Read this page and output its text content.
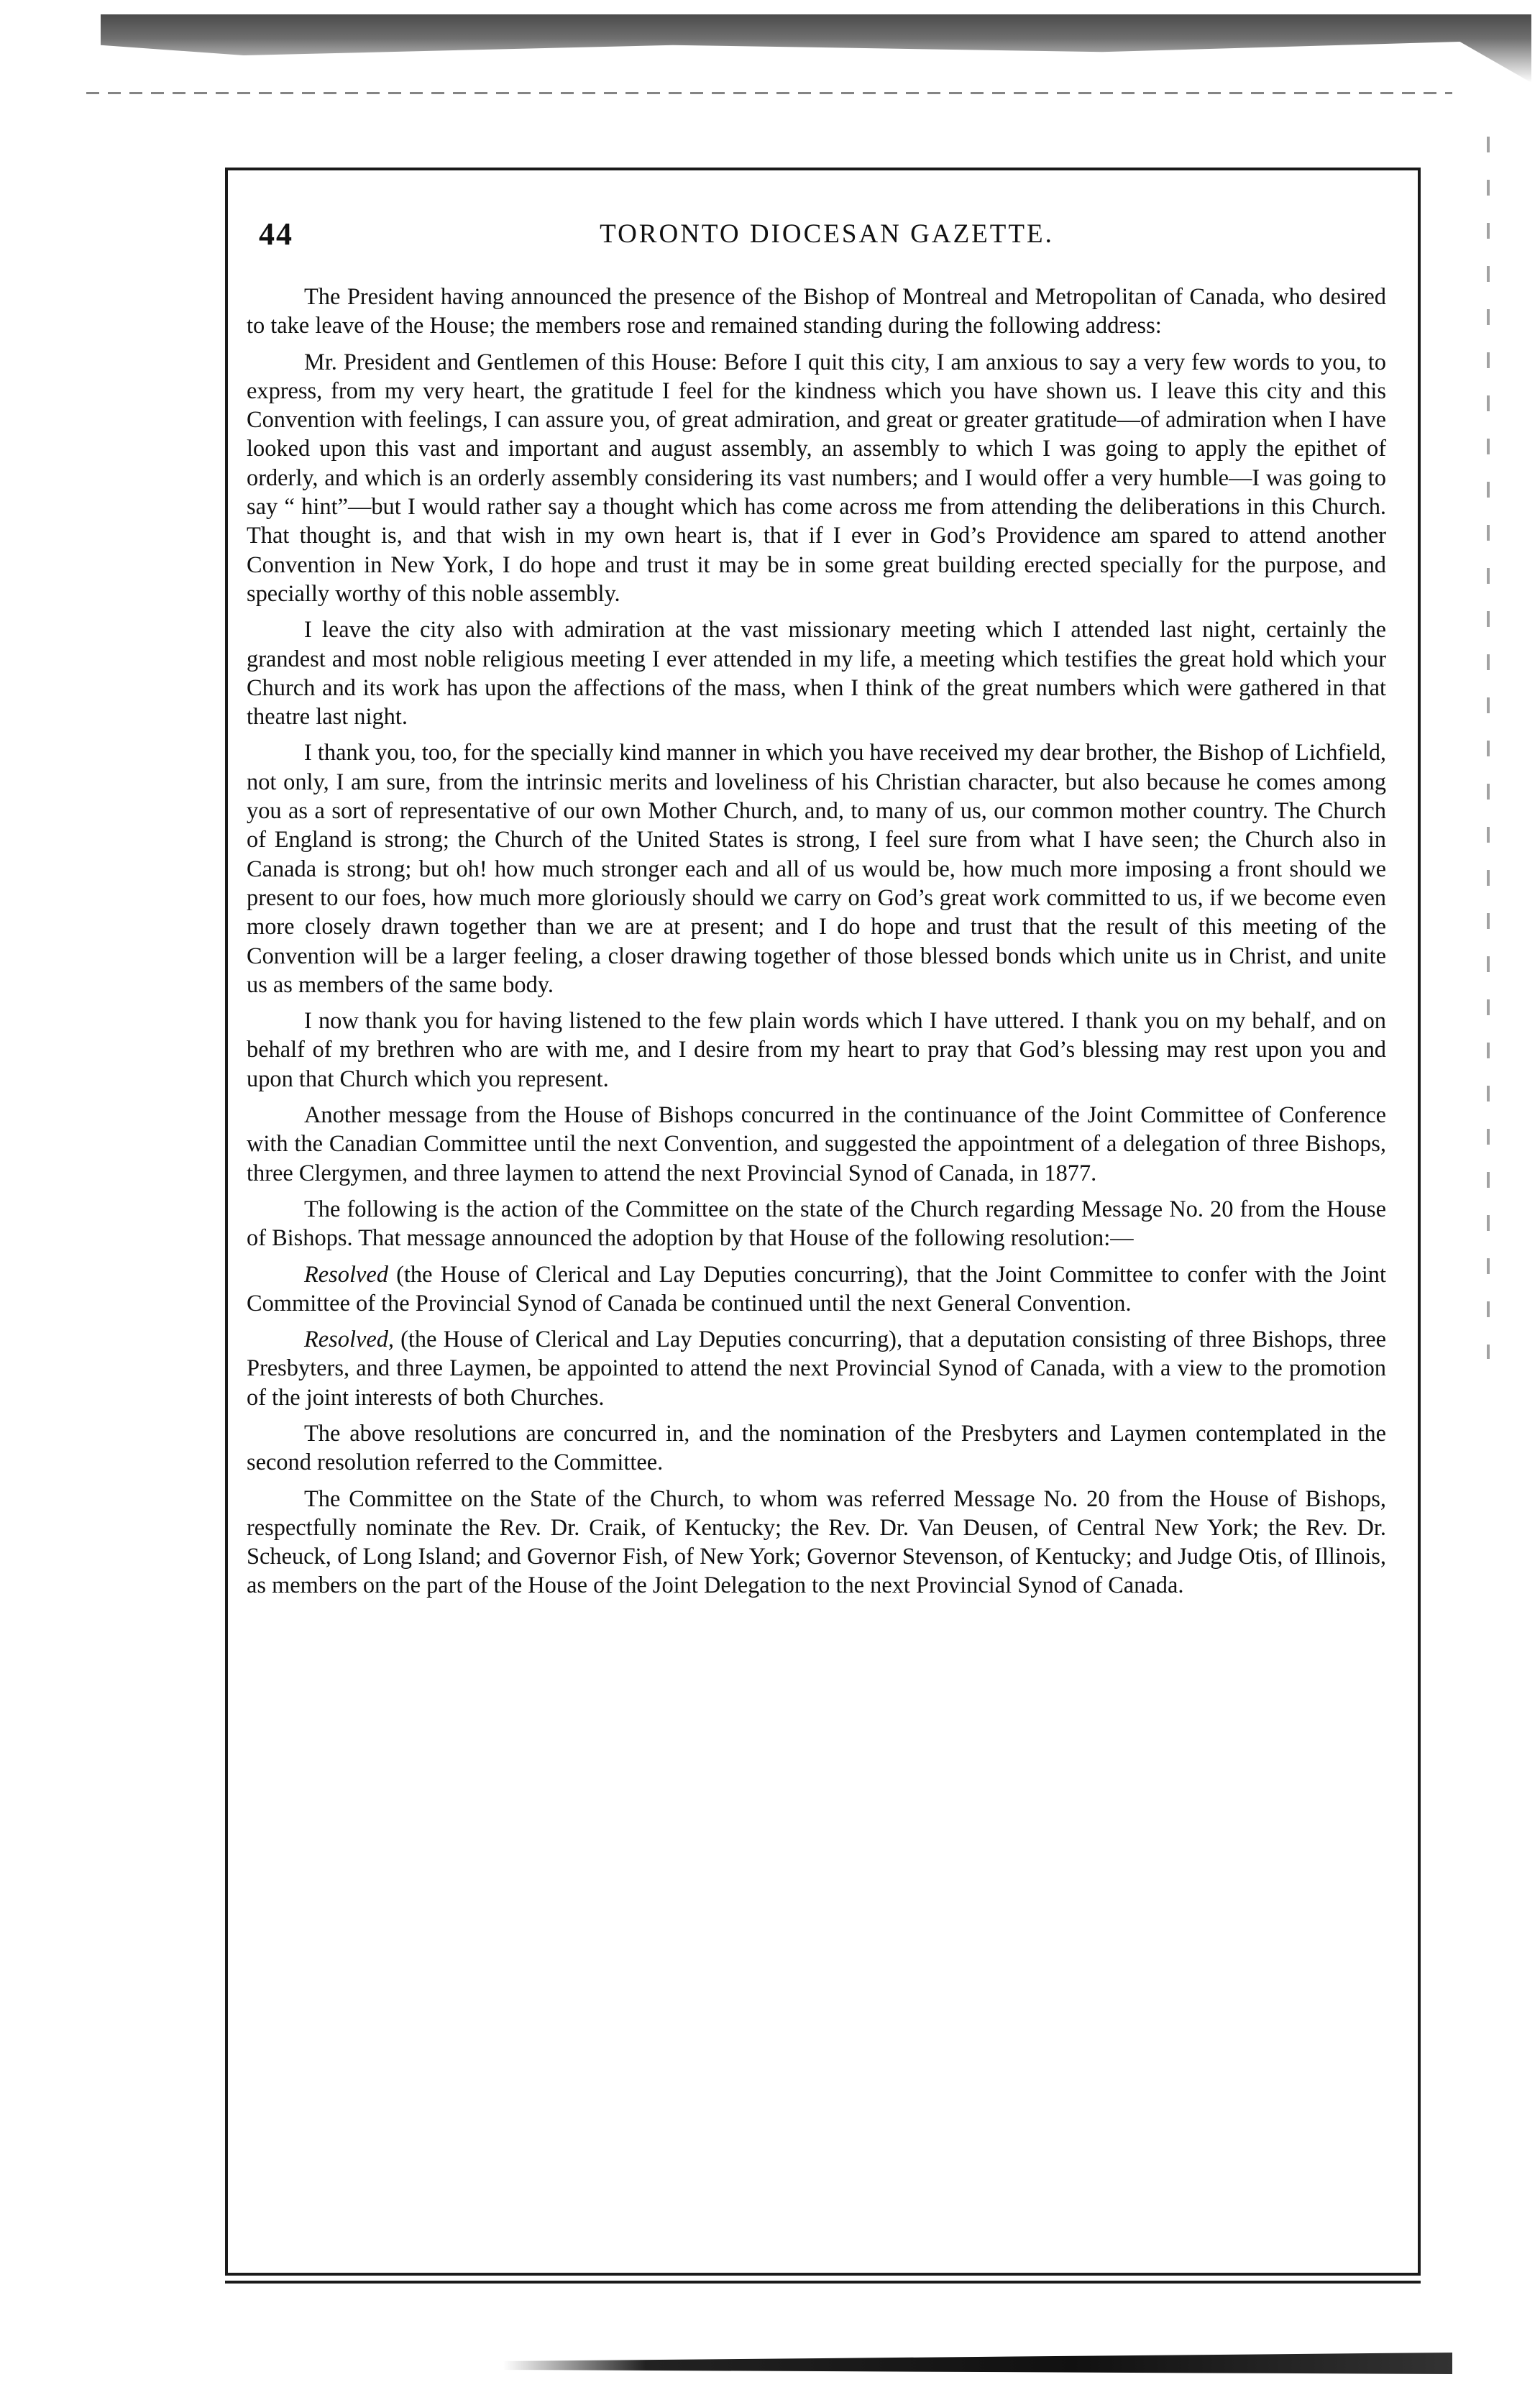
44	TORONTO DIOCESAN GAZETTE.

The President having announced the presence of the Bishop of Montreal and Metropolitan of Canada, who desired to take leave of the House; the members rose and remained standing during the following address:

Mr. President and Gentlemen of this House: Before I quit this city, I am anxious to say a very few words to you, to express, from my very heart, the gratitude I feel for the kindness which you have shown us. I leave this city and this Convention with feelings, I can assure you, of great admiration, and great or greater gratitude—of admiration when I have looked upon this vast and important and august assembly, an assembly to which I was going to apply the epithet of orderly, and which is an orderly assembly considering its vast numbers; and I would offer a very humble—I was going to say “ hint”—but I would rather say a thought which has come across me from attending the deliberations in this Church. That thought is, and that wish in my own heart is, that if I ever in God’s Providence am spared to attend another Convention in New York, I do hope and trust it may be in some great building erected specially for the purpose, and specially worthy of this noble assembly.

I leave the city also with admiration at the vast missionary meeting which I attended last night, certainly the grandest and most noble religious meeting I ever attended in my life, a meeting which testifies the great hold which your Church and its work has upon the affections of the mass, when I think of the great numbers which were gathered in that theatre last night.

I thank you, too, for the specially kind manner in which you have received my dear brother, the Bishop of Lichfield, not only, I am sure, from the intrinsic merits and loveliness of his Christian character, but also because he comes among you as a sort of representative of our own Mother Church, and, to many of us, our common mother country. The Church of England is strong; the Church of the United States is strong, I feel sure from what I have seen; the Church also in Canada is strong; but oh! how much stronger each and all of us would be, how much more imposing a front should we present to our foes, how much more gloriously should we carry on God’s great work committed to us, if we become even more closely drawn together than we are at present; and I do hope and trust that the result of this meeting of the Convention will be a larger feeling, a closer drawing together of those blessed bonds which unite us in Christ, and unite us as members of the same body.

I now thank you for having listened to the few plain words which I have uttered. I thank you on my behalf, and on behalf of my brethren who are with me, and I desire from my heart to pray that God’s blessing may rest upon you and upon that Church which you represent.

Another message from the House of Bishops concurred in the continuance of the Joint Committee of Conference with the Canadian Committee until the next Convention, and suggested the appointment of a delegation of three Bishops, three Clergymen, and three laymen to attend the next Provincial Synod of Canada, in 1877.

The following is the action of the Committee on the state of the Church regarding Message No. 20 from the House of Bishops. That message announced the adoption by that House of the following resolution:—

Resolved (the House of Clerical and Lay Deputies concurring), that the Joint Committee to confer with the Joint Committee of the Provincial Synod of Canada be continued until the next General Convention.

Resolved, (the House of Clerical and Lay Deputies concurring), that a deputation consisting of three Bishops, three Presbyters, and three Laymen, be appointed to attend the next Provincial Synod of Canada, with a view to the promotion of the joint interests of both Churches.

The above resolutions are concurred in, and the nomination of the Presbyters and Laymen contemplated in the second resolution referred to the Committee.

The Committee on the State of the Church, to whom was referred Message No. 20 from the House of Bishops, respectfully nominate the Rev. Dr. Craik, of Kentucky; the Rev. Dr. Van Deusen, of Central New York; the Rev. Dr. Scheuck, of Long Island; and Governor Fish, of New York; Governor Stevenson, of Kentucky; and Judge Otis, of Illinois, as members on the part of the House of the Joint Delegation to the next Provincial Synod of Canada.
